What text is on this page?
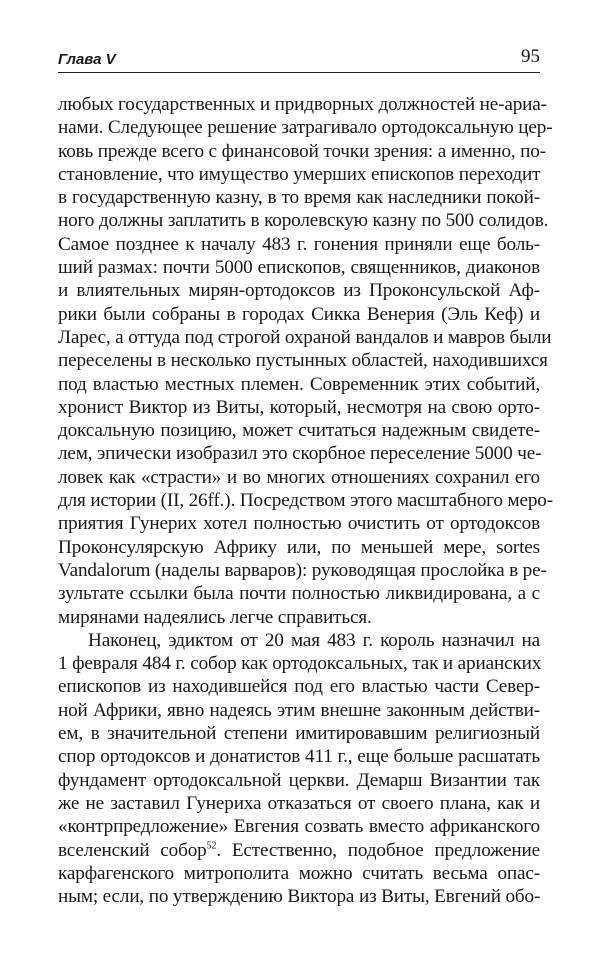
Глава V	95
любых государственных и придворных должностей не-ариа-
нами. Следующее решение затрагивало ортодоксальную цер-
ковь прежде всего с финансовой точки зрения: а именно, по-
становление, что имущество умерших епископов переходит
в государственную казну, в то время как наследники покой-
ного должны заплатить в королевскую казну по 500 солидов.
Самое позднее к началу 483 г. гонения приняли еще боль-
ший размах: почти 5000 епископов, священников, диаконов
и влиятельных мирян-ортодоксов из Проконсульской Аф-
рики были собраны в городах Сикка Венерия (Эль Кеф) и
Ларес, а оттуда под строгой охраной вандалов и мавров были
переселены в несколько пустынных областей, находившихся
под властью местных племен. Современник этих событий,
хронист Виктор из Виты, который, несмотря на свою орто-
доксальную позицию, может считаться надежным свидете-
лем, эпически изобразил это скорбное переселение 5000 че-
ловек как «страсти» и во многих отношениях сохранил его
для истории (II, 26ff.). Посредством этого масштабного меро-
приятия Гунерих хотел полностью очистить от ортодоксов
Проконсулярскую Африку или, по меньшей мере, sortes
Vandalorum (наделы варваров): руководящая прослойка в ре-
зультате ссылки была почти полностью ликвидирована, а с
мирянами надеялись легче справиться.
Наконец, эдиктом от 20 мая 483 г. король назначил на
1 февраля 484 г. собор как ортодоксальных, так и арианских
епископов из находившейся под его властью части Север-
ной Африки, явно надеясь этим внешне законным действи-
ем, в значительной степени имитировавшим религиозный
спор ортодоксов и донатистов 411 г., еще больше расшатать
фундамент ортодоксальной церкви. Демарш Византии так
же не заставил Гунериха отказаться от своего плана, как и
«контрпредложение» Евгения созвать вместо африканского
вселенский собор$^{52}$. Естественно, подобное предложение
карфагенского митрополита можно считать весьма опас-
ным; если, по утверждению Виктора из Виты, Евгений обо-
